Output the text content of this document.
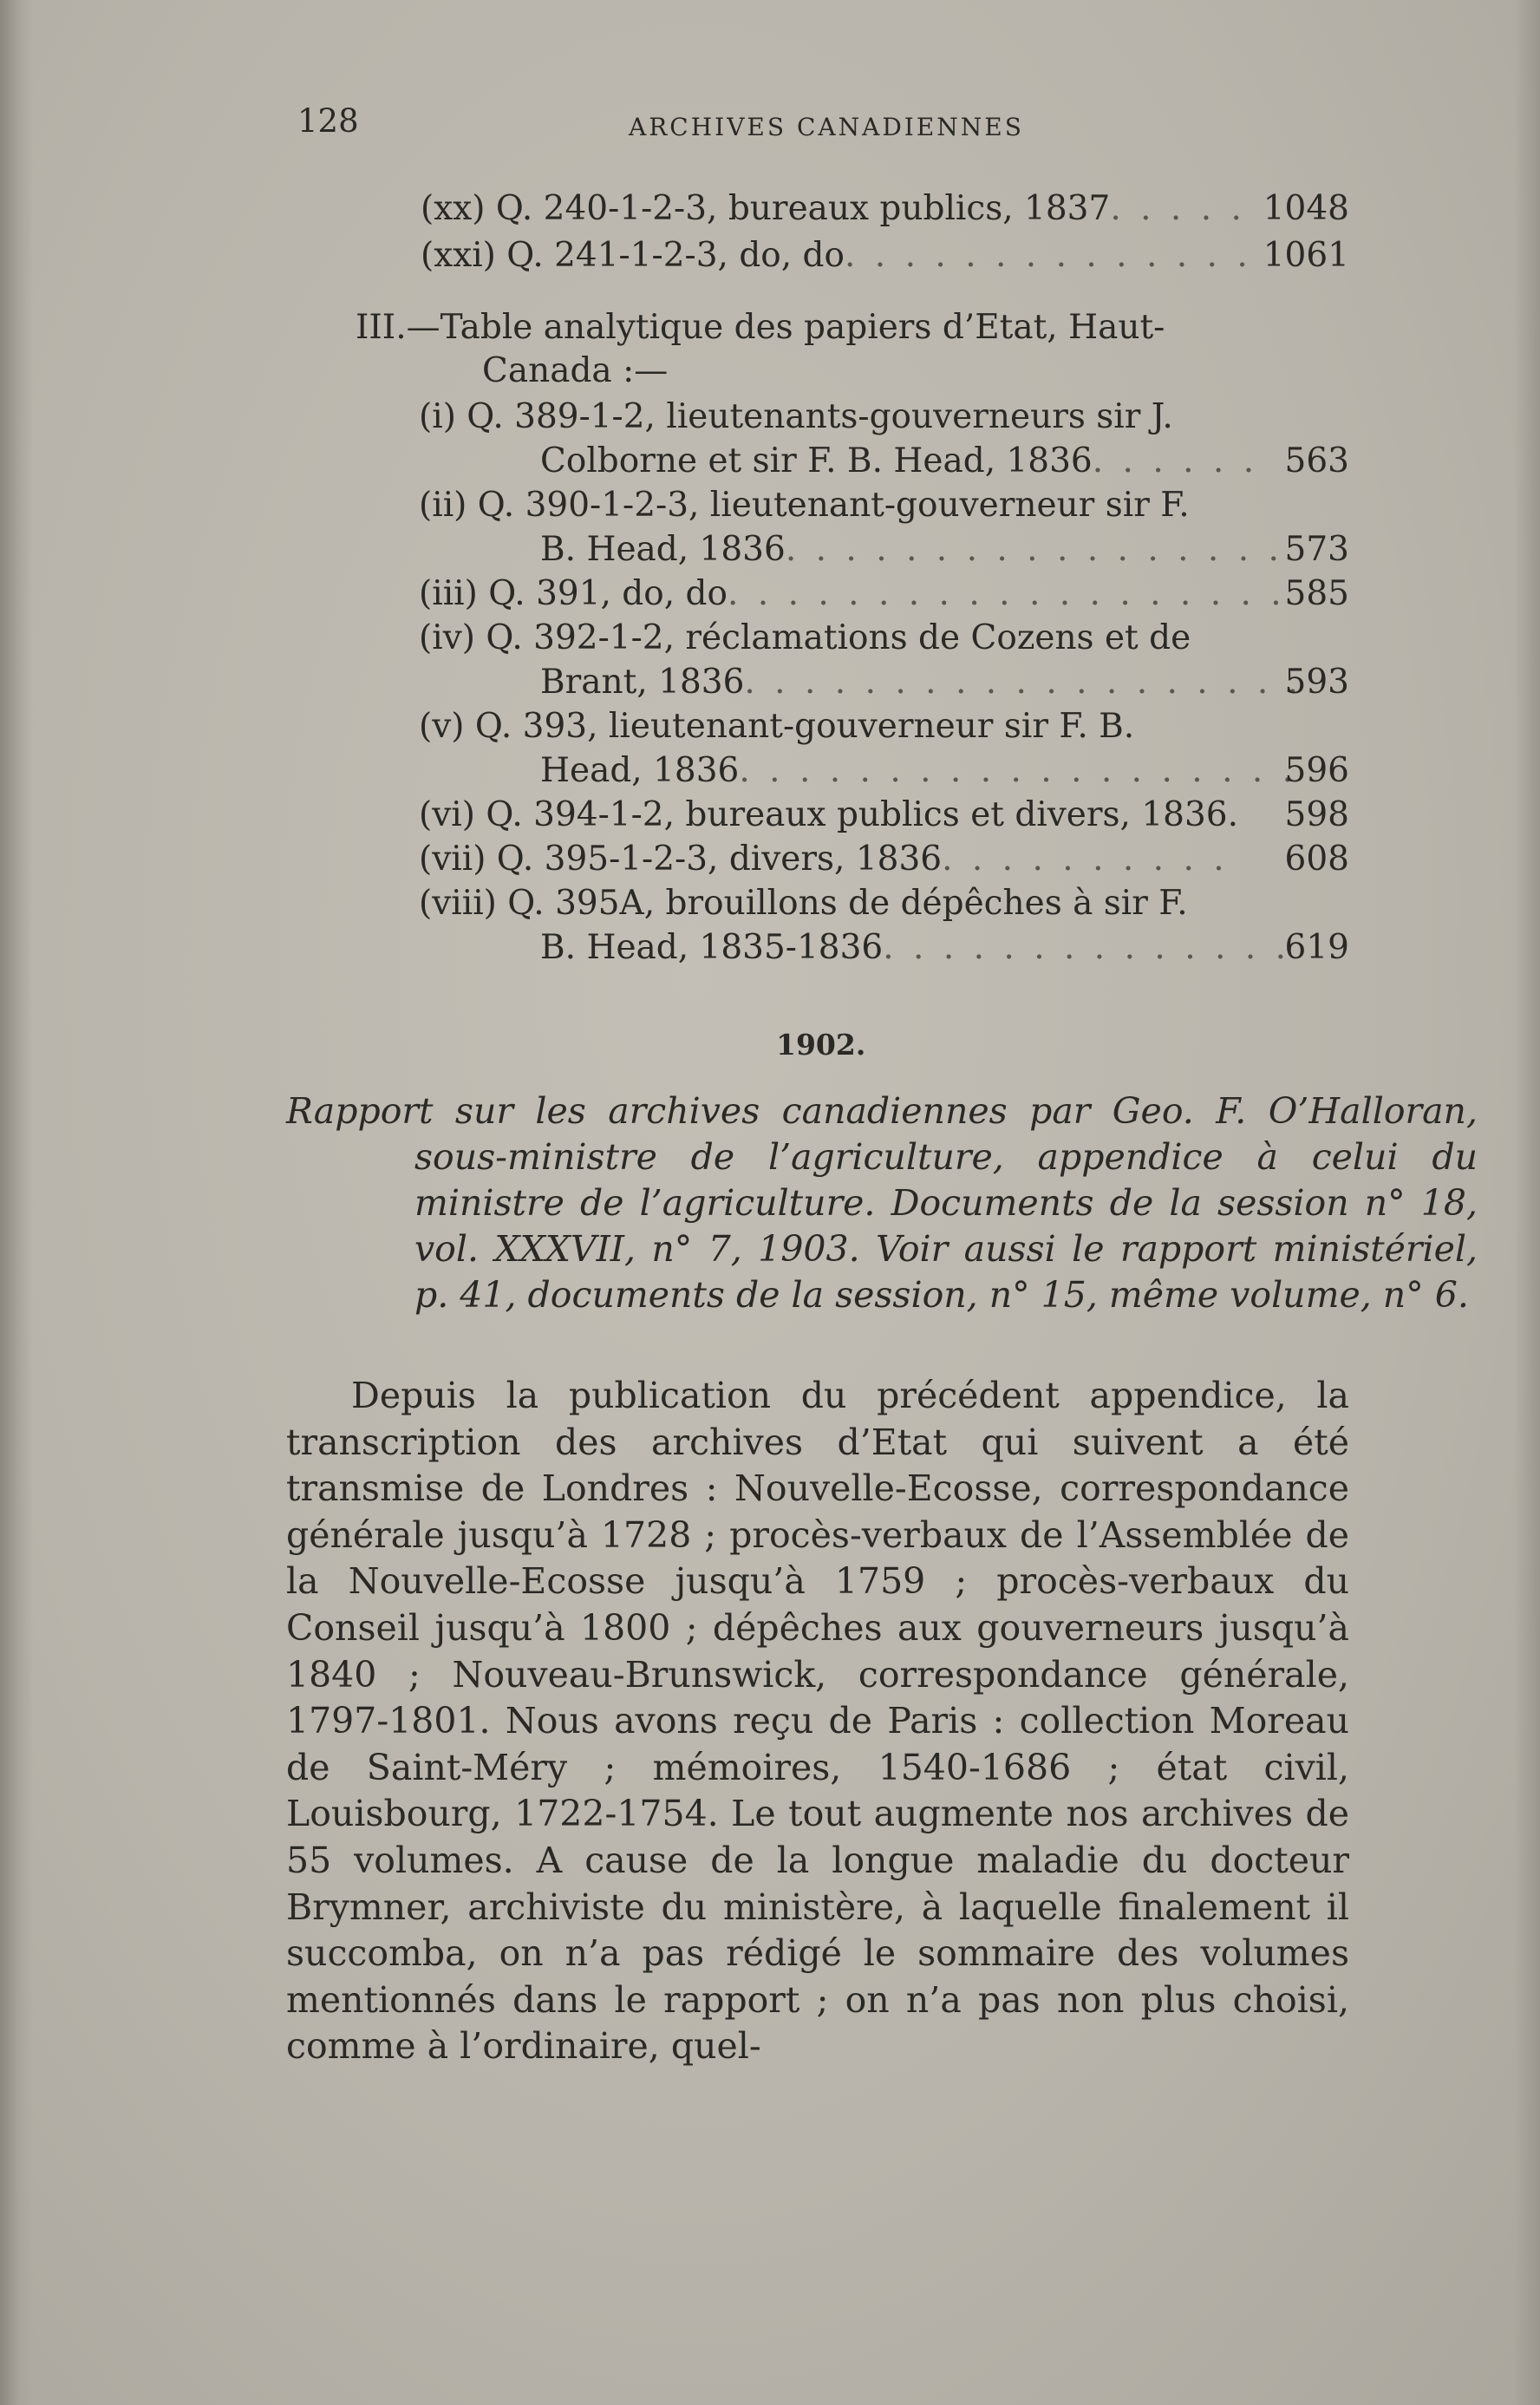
128	ARCHIVES CANADIENNES
(xx) Q. 240-1-2-3, bureaux publics, 1837. . . . . 1048
(xxi) Q. 241-1-2-3, do, do. . . . . . . . . . . . . . 1061
III.—Table analytique des papiers d’Etat, Haut-
Canada :—
(i) Q. 389-1-2, lieutenants-gouverneurs sir J.
Colborne et sir F. B. Head, 1836. . . . . . 563
(ii) Q. 390-1-2-3, lieutenant-gouverneur sir F.
B. Head, 1836. . . . . . . . . . . . . . . . . 573
(iii) Q. 391, do, do. . . . . . . . . . . . . . . . . . .
585
(iv) Q. 392-1-2, réclamations de Cozens et de
Brant, 1836. . . . . . . . . . . . . . . . . . .
593
(v) Q. 393, lieutenant-gouverneur sir F. B.
Head, 1836. . . . . . . . . . . . . . . . . . .
596
(vi) Q. 394-1-2, bureaux publics et divers, 1836. 598
(vii) Q. 395-1-2-3, divers, 1836. . . . . . . . . . 608
(viii) Q. 395A, brouillons de dépêches à sir F.
B. Head, 1835-1836. . . . . . . . . . . . . .
619
1902.
Rapport sur les archives canadiennes par Geo. F. O’Halloran, sous-ministre de l’agriculture, appendice à celui du ministre de l’agriculture. Documents de la session n° 18, vol. XXXVII, n° 7, 1903. Voir aussi le rapport ministériel, p. 41, documents de la session, n° 15, même volume, n° 6.
Depuis la publication du précédent appendice, la transcription des archives d’Etat qui suivent a été transmise de Londres : Nouvelle-Ecosse, correspondance générale jusqu’à 1728 ; procès-verbaux de l’Assemblée de la Nouvelle-Ecosse jusqu’à 1759 ; procès-verbaux du Conseil jusqu’à 1800 ; dépêches aux gouverneurs jusqu’à 1840 ; Nouveau-Brunswick, correspondance générale, 1797-1801. Nous avons reçu de Paris : collection Moreau de Saint-Méry ; mémoires, 1540-1686 ; état civil, Louisbourg, 1722-1754. Le tout augmente nos archives de 55 volumes. A cause de la longue maladie du docteur Brymner, archiviste du ministère, à laquelle finalement il succomba, on n’a pas rédigé le sommaire des volumes mentionnés dans le rapport ; on n’a pas non plus choisi, comme à l’ordinaire, quel-
